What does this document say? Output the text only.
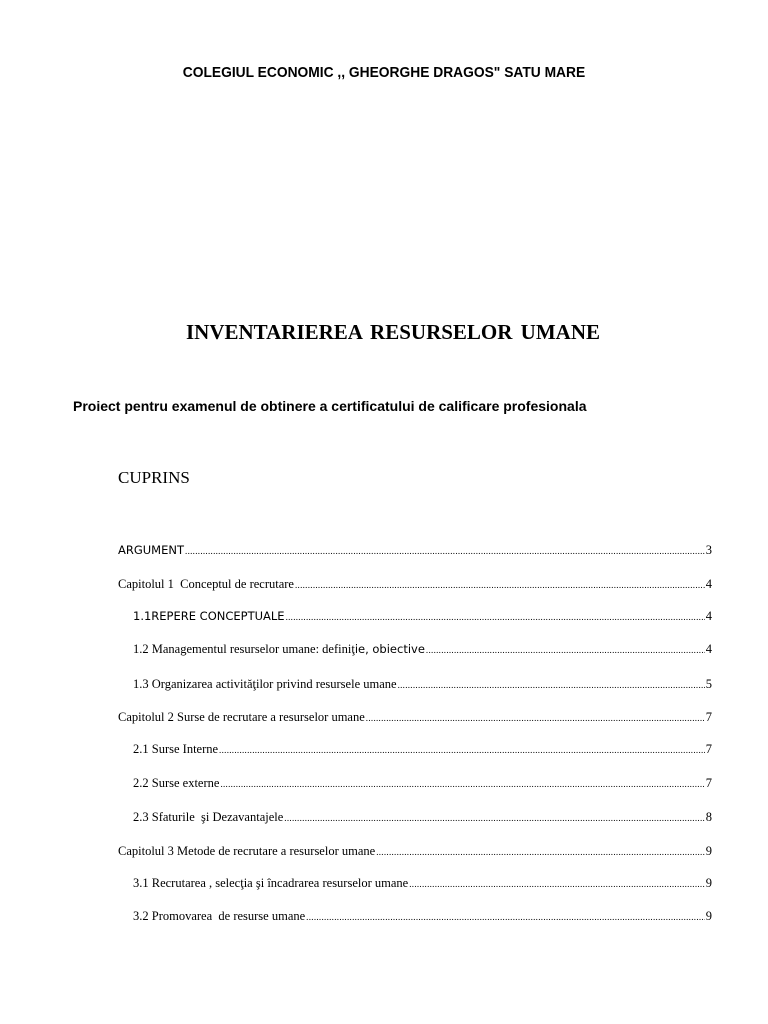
COLEGIUL ECONOMIC ,, GHEORGHE DRAGOS" SATU MARE
INVENTARIEREA RESURSELOR UMANE
Proiect pentru examenul de obtinere a certificatului de calificare profesionala
CUPRINS
ARGUMENT .....	3
Capitolul 1  Conceptul de recrutare .....	4
1.1REPERE CONCEPTUALE .....	4
1.2 Managementul resurselor umane: definiţie, obiective .....	4
1.3 Organizarea activităţilor privind resursele umane .....	5
Capitolul 2 Surse de recrutare a resurselor umane .....	7
2.1 Surse Interne .....	7
2.2 Surse externe .....	7
2.3 Sfaturile  şi Dezavantajele .....	8
Capitolul 3 Metode de recrutare a resurselor umane .....	9
3.1 Recrutarea , selecţia şi încadrarea resurselor umane .....	9
3.2 Promovarea  de resurse umane .....	9
